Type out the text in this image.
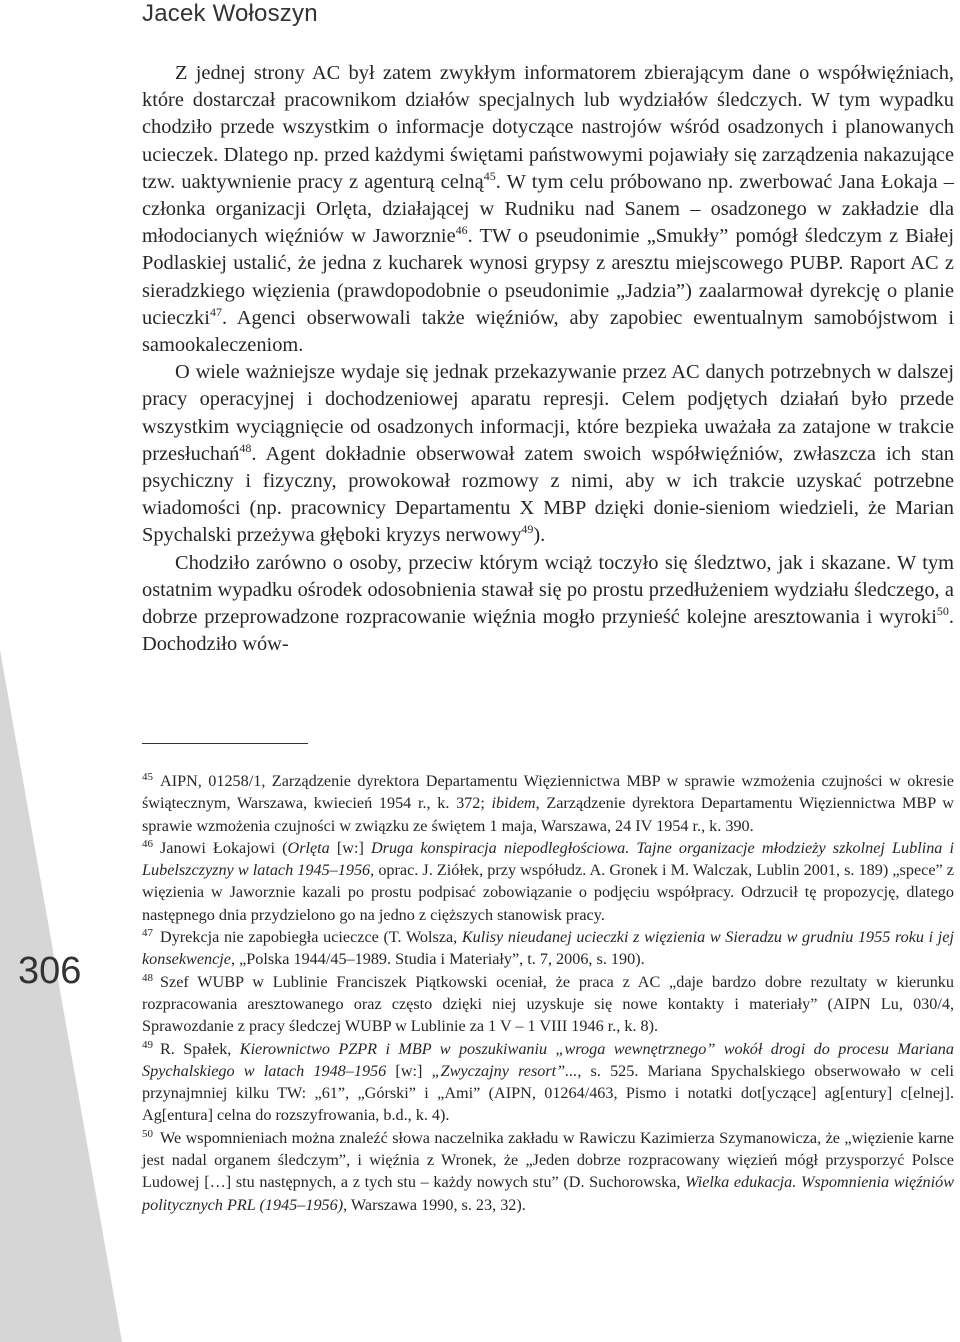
Jacek Wołoszyn
306

Z jednej strony AC był zatem zwykłym informatorem zbierającym dane o współwięźniach, które dostarczał pracownikom działów specjalnych lub wydziałów śledczych. W tym wypadku chodziło przede wszystkim o informacje dotyczące nastrojów wśród osadzonych i planowanych ucieczek. Dlatego np. przed każdymi świętami państwowymi pojawiały się zarządzenia nakazujące tzw. uaktywnienie pracy z agenturą celną$^{45}$. W tym celu próbowano np. zwerbować Jana Łokaja – członka organizacji Orlęta, działającej w Rudniku nad Sanem – osadzonego w zakładzie dla młodocianych więźniów w Jaworznie$^{46}$. TW o pseudonimie „Smukły” pomógł śledczym z Białej Podlaskiej ustalić, że jedna z kucharek wynosi grypsy z aresztu miejscowego PUBP. Raport AC z sieradzkiego więzienia (prawdopodobnie o pseudonimie „Jadzia”) zaalarmował dyrekcję o planie ucieczki$^{47}$. Agenci obserwowali także więźniów, aby zapobiec ewentualnym samobójstwom i samookaleczeniom.

O wiele ważniejsze wydaje się jednak przekazywanie przez AC danych potrzebnych w dalszej pracy operacyjnej i dochodzeniowej aparatu represji. Celem podjętych działań było przede wszystkim wyciągnięcie od osadzonych informacji, które bezpieka uważała za zatajone w trakcie przesłuchań$^{48}$. Agent dokładnie obserwował zatem swoich współwięźniów, zwłaszcza ich stan psychiczny i fizyczny, prowokował rozmowy z nimi, aby w ich trakcie uzyskać potrzebne wiadomości (np. pracownicy Departamentu X MBP dzięki donie-sieniom wiedzieli, że Marian Spychalski przeżywa głęboki kryzys nerwowy$^{49}$).

Chodziło zarówno o osoby, przeciw którym wciąż toczyło się śledztwo, jak i skazane. W tym ostatnim wypadku ośrodek odosobnienia stawał się po prostu przedłużeniem wydziału śledczego, a dobrze przeprowadzone rozpracowanie więźnia mogło przynieść kolejne aresztowania i wyroki$^{50}$. Dochodziło wów-

$^{45}$ AIPN, 01258/1, Zarządzenie dyrektora Departamentu Więziennictwa MBP w sprawie wzmożenia czujności w okresie świątecznym, Warszawa, kwiecień 1954 r., k. 372; ibidem, Zarządzenie dyrektora Departamentu Więziennictwa MBP w sprawie wzmożenia czujności w związku ze świętem 1 maja, Warszawa, 24 IV 1954 r., k. 390.

$^{46}$ Janowi Łokajowi (Orlęta [w:] Druga konspiracja niepodległościowa. Tajne organizacje młodzieży szkolnej Lublina i Lubelszczyzny w latach 1945–1956, oprac. J. Ziółek, przy współudz. A. Gronek i M. Walczak, Lublin 2001, s. 189) „spece” z więzienia w Jaworznie kazali po prostu podpisać zobowiązanie o podjęciu współpracy. Odrzucił tę propozycję, dlatego następnego dnia przydzielono go na jedno z cięższych stanowisk pracy.

$^{47}$ Dyrekcja nie zapobiegła ucieczce (T. Wolsza, Kulisy nieudanej ucieczki z więzienia w Sieradzu w grudniu 1955 roku i jej konsekwencje, „Polska 1944/45–1989. Studia i Materiały”, t. 7, 2006, s. 190).

$^{48}$ Szef WUBP w Lublinie Franciszek Piątkowski oceniał, że praca z AC „daje bardzo dobre rezultaty w kierunku rozpracowania aresztowanego oraz często dzięki niej uzyskuje się nowe kontakty i materiały” (AIPN Lu, 030/4, Sprawozdanie z pracy śledczej WUBP w Lublinie za 1 V – 1 VIII 1946 r., k. 8).

$^{49}$ R. Spałek, Kierownictwo PZPR i MBP w poszukiwaniu „wroga wewnętrznego” wokół drogi do procesu Mariana Spychalskiego w latach 1948–1956 [w:] „Zwyczajny resort”..., s. 525. Mariana Spychalskiego obserwowało w celi przynajmniej kilku TW: „61”, „Górski” i „Ami” (AIPN, 01264/463, Pismo i notatki dot[yczące] ag[entury] c[elnej]. Ag[entura] celna do rozszyfrowania, b.d., k. 4).

$^{50}$ We wspomnieniach można znaleźć słowa naczelnika zakładu w Rawiczu Kazimierza Szymanowicza, że „więzienie karne jest nadal organem śledczym”, i więźnia z Wronek, że „Jeden dobrze rozpracowany więzień mógł przysporzyć Polsce Ludowej […] stu następnych, a z tych stu – każdy nowych stu” (D. Suchorowska, Wielka edukacja. Wspomnienia więźniów politycznych PRL (1945–1956), Warszawa 1990, s. 23, 32).
